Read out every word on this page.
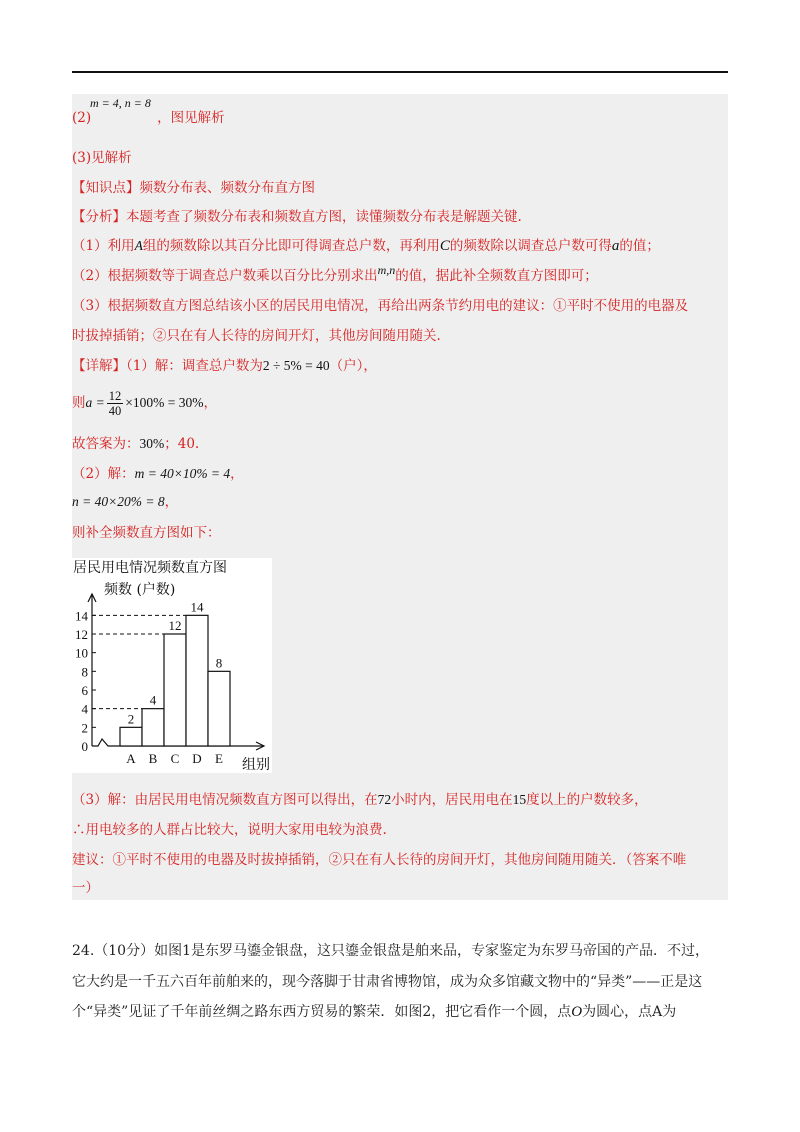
m = 4, n = 8
(2)	，图见解析
(3)见解析
【知识点】频数分布表、频数分布直方图
【分析】本题考查了频数分布表和频数直方图，读懂频数分布表是解题关键.
（1）利用A组的频数除以其百分比即可得调查总户数，再利用C的频数除以调查总户数可得a的值；
（2）根据频数等于调查总户数乘以百分比分别求出m,n的值，据此补全频数直方图即可；
（3）根据频数直方图总结该小区的居民用电情况，再给出两条节约用电的建议：①平时不使用的电器及
时拔掉插销；②只在有人长待的房间开灯，其他房间随用随关.
【详解】（1）解：调查总户数为2 ÷ 5% = 40（户），
则$a = \frac{12}{40} \times 100\% = 30\%$，
故答案为：30%；40.
（2）解：m = 40×10% = 4，
n = 40×20% = 8，
则补全频数直方图如下：
居民用电情况频数直方图
频数 (户数)
组别
0
2
4
6
8
10
12
14
2
A
4
B
12
C
14
D
8
E
（3）解：由居民用电情况频数直方图可以得出，在72小时内，居民用电在15度以上的户数较多，
∴用电较多的人群占比较大，说明大家用电较为浪费.
建议：①平时不使用的电器及时拔掉插销，②只在有人长待的房间开灯，其他房间随用随关．（答案不唯
一）
24.（10分）如图1是东罗马鎏金银盘，这只鎏金银盘是舶来品，专家鉴定为东罗马帝国的产品．不过，
它大约是一千五六百年前舶来的，现今落脚于甘肃省博物馆，成为众多馆藏文物中的“异类”——正是这
个“异类”见证了千年前丝绸之路东西方贸易的繁荣．如图2，把它看作一个圆，点O为圆心，点A为
